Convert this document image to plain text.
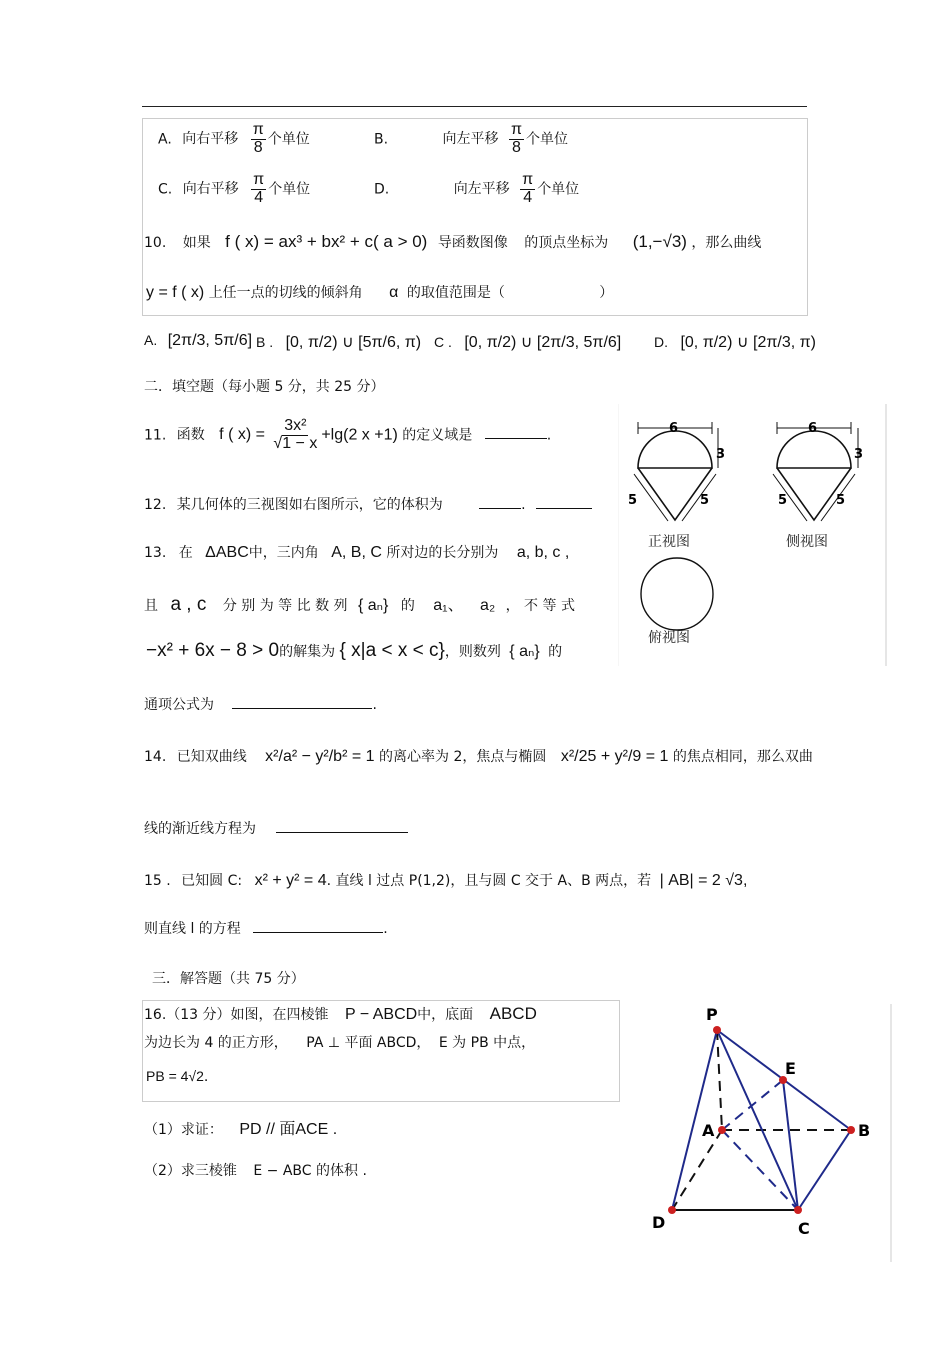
A. 向右平移 $\frac{\pi}{8}$ 个单位	B.	向左平移 $\frac{\pi}{8}$ 个单位
C. 向右平移 $\frac{\pi}{4}$ 个单位	D.	向左平移 $\frac{\pi}{4}$ 个单位
10. 如果 f ( x) = ax³ + bx² + c( a > 0) 导函数图像 的顶点坐标为 (1,−√3) ，那么曲线
y = f ( x) 上任一点的切线的倾斜角 α 的取值范围是（	）
A. [2π/3, 5π/6] B . [0, π/2) ∪ [5π/6, π) C . [0, π/2) ∪ [2π/3, 5π/6] D. [0, π/2) ∪ [2π/3, π)
二．填空题（每小题 5 分，共 25 分）
11. 函数 f ( $x) = \frac{\text{3x²}}{√1 - x} +\lg(2$ x +1) 的定义域是	.
12. 某几何体的三视图如右图所示，它的体积为	.
13. 在 ΔABC中，三内角 A, B, C 所对边的长分别为 a, b, c ,
且 a , c 分 别 为 等 比 数 列 { aₙ} 的 a₁、 a₂ ， 不 等 式
−x² + 6x − 8 > 0的解集为 { x|a < x < c}，则数列 { aₙ} 的
通项公式为	.
14. 已知双曲线 x²/a² − y²/b² = 1 的离心率为 2，焦点与椭圆 x²/25 + y²/9 = 1 的焦点相同，那么双曲
线的渐近线方程为
15 . 已知圆 C: x² + y² = 4. 直线 l 过点 P(1,2)，且与圆 C 交于 A、B 两点，若 | AB| = 2 √3,
则直线 l 的方程	.
三．解答题（共 75 分）
16.（13 分）如图，在四棱锥 P − ABCD中，底面 ABCD
为边长为 4 的正方形， PA ⊥ 平面 ABCD， E 为 PB 中点，
PB = 4√2.
（1）求证： PD // 面ACE .
（2）求三棱锥 E − ABC 的体积 .
6
3
5	5
正视图
6
3
5	5
侧视图
俯视图
P
E
A	B
C
D
